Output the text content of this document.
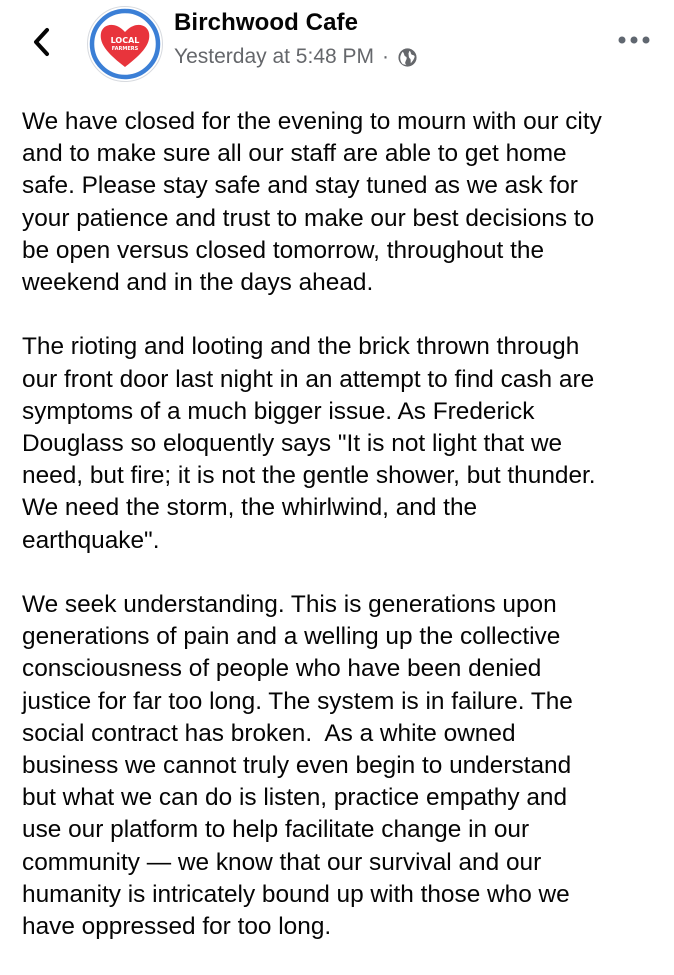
LOCAL
FARMERS
Birchwood Cafe
Yesterday at 5:48 PM ·

We have closed for the evening to mourn with our city
and to make sure all our staff are able to get home
safe. Please stay safe and stay tuned as we ask for
your patience and trust to make our best decisions to
be open versus closed tomorrow, throughout the
weekend and in the days ahead.

The rioting and looting and the brick thrown through
our front door last night in an attempt to find cash are
symptoms of a much bigger issue. As Frederick
Douglass so eloquently says "It is not light that we
need, but fire; it is not the gentle shower, but thunder.
We need the storm, the whirlwind, and the
earthquake".

We seek understanding. This is generations upon
generations of pain and a welling up the collective
consciousness of people who have been denied
justice for far too long. The system is in failure. The
social contract has broken.  As a white owned
business we cannot truly even begin to understand
but what we can do is listen, practice empathy and
use our platform to help facilitate change in our
community — we know that our survival and our
humanity is intricately bound up with those who we
have oppressed for too long.
